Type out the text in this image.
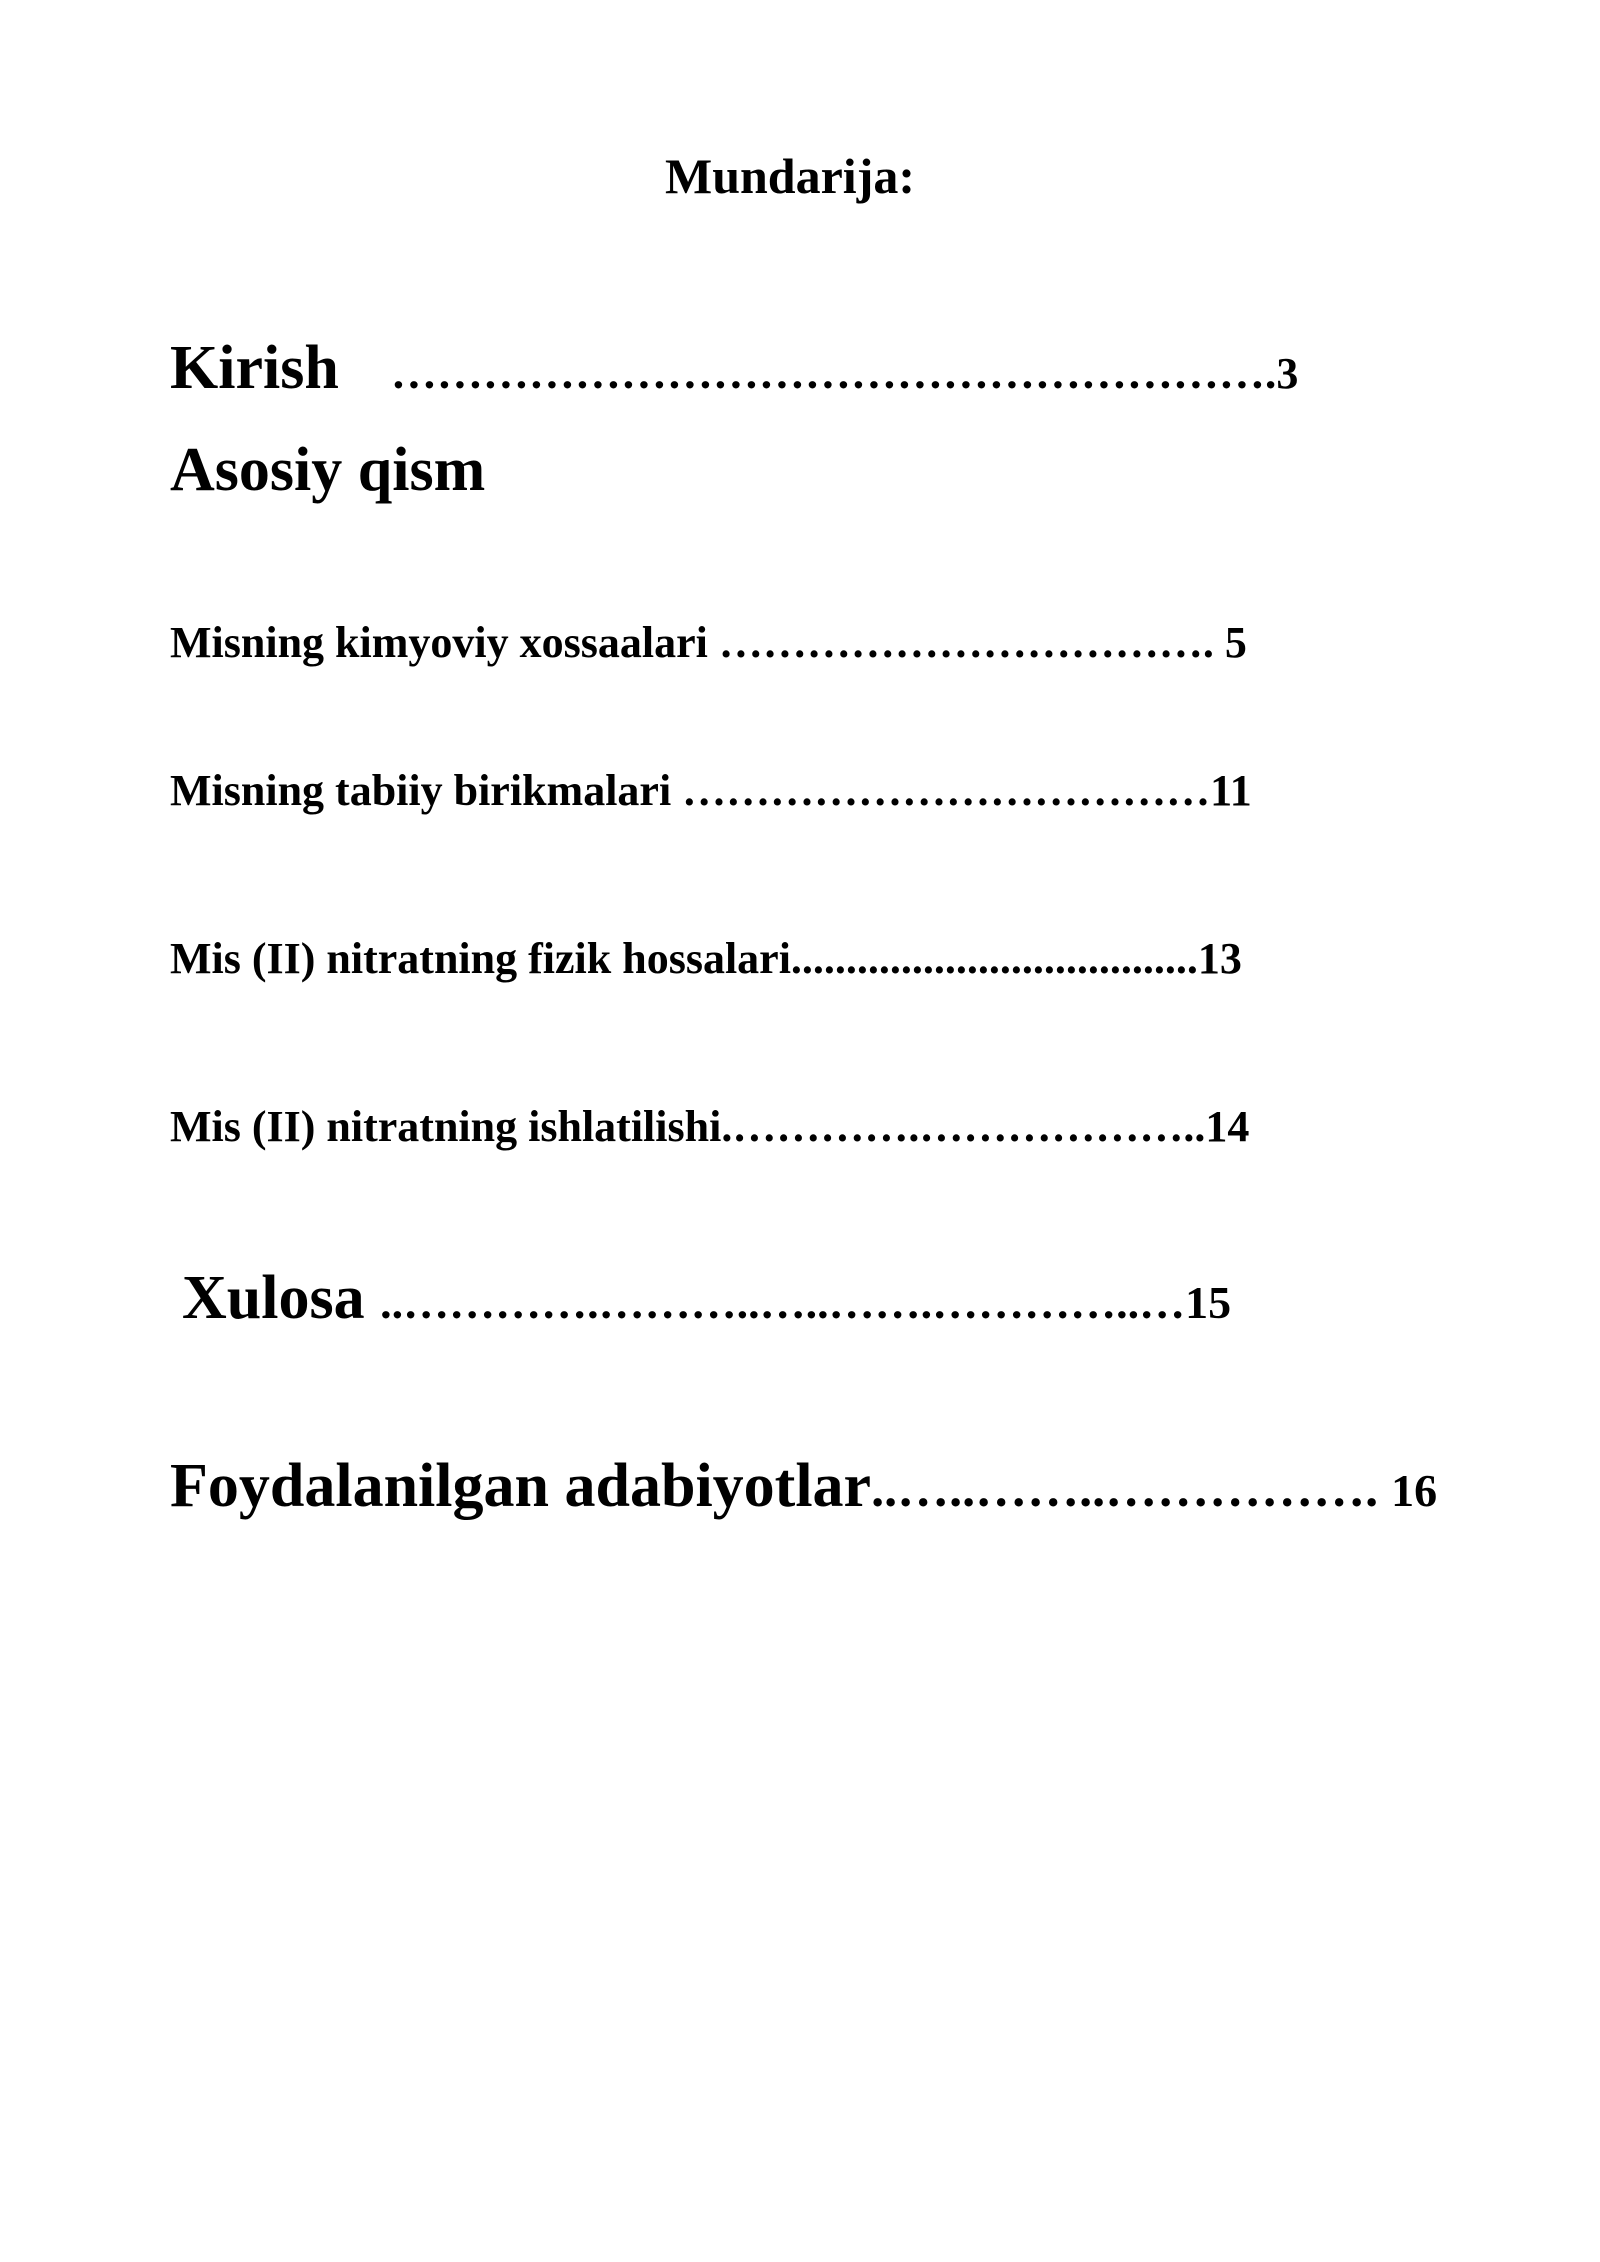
Mundarija:
Kirish ………………………………………………….3
Asosiy qism
Misning kimyoviy xossaalari ……………………………. 5
Misning tabiiy birikmalari ………………………………11
Mis (II) nitratning fizik hossalari.....................................13
Mis (II) nitratning ishlatilishi.………….………………..14
Xulosa ..………….………..…..…….…………..…15
Foydalanilgan adabiyotlar..…..……..……………. 16
